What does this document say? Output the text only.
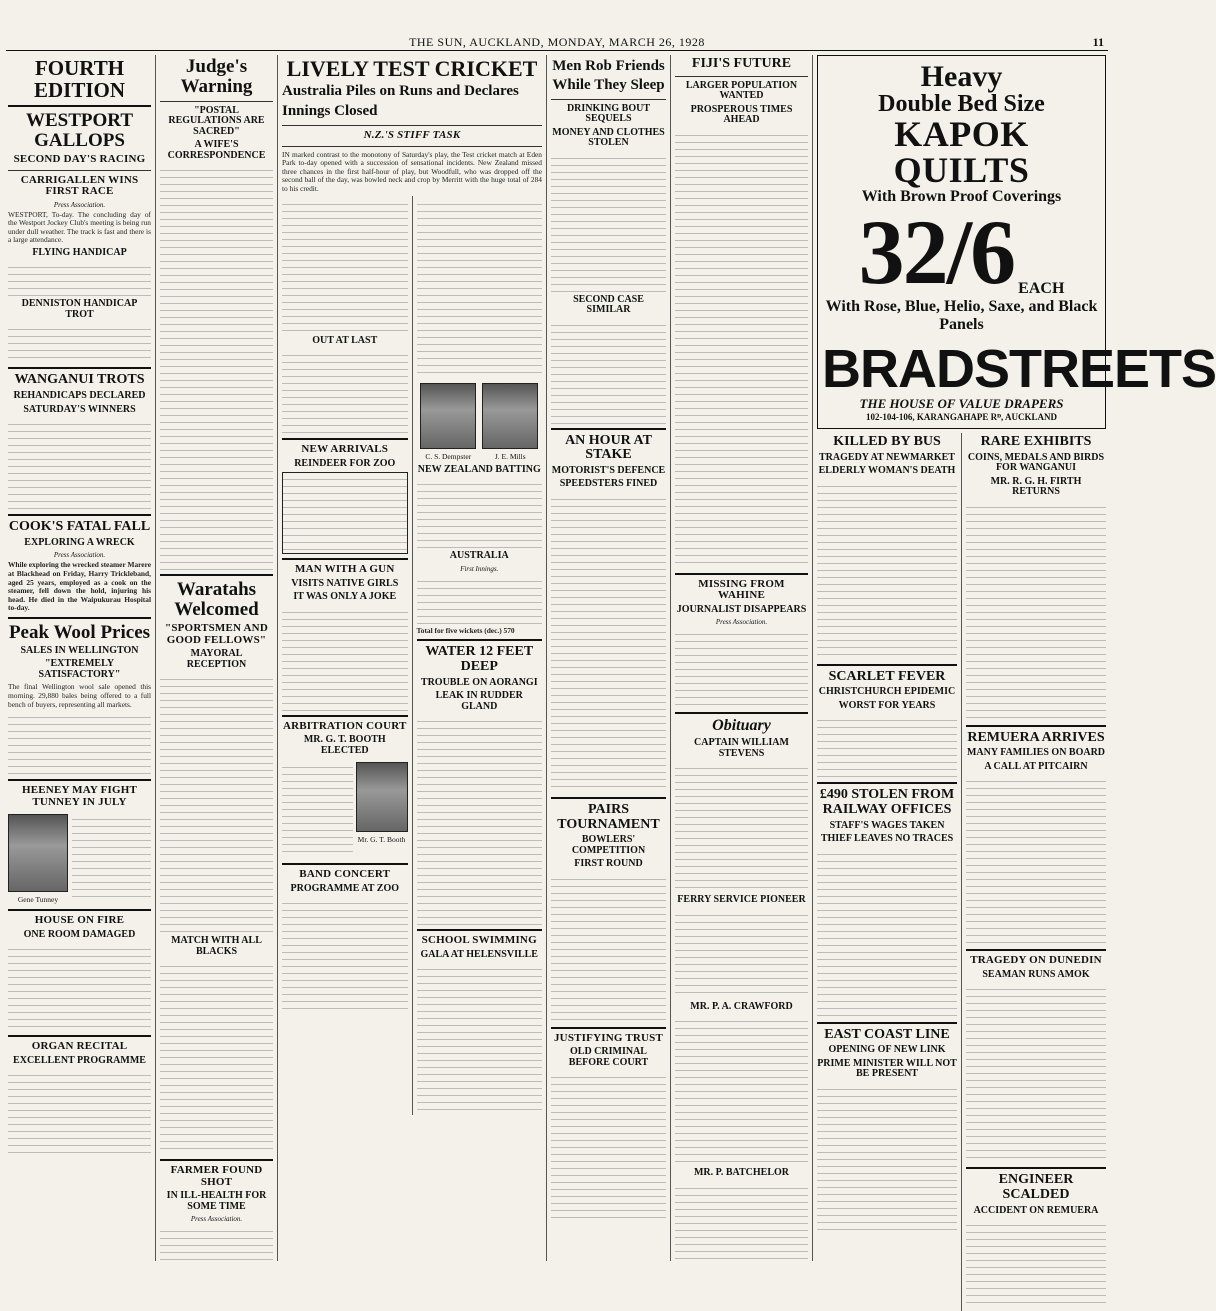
THE SUN, AUCKLAND, MONDAY, MARCH 26, 1928	11
FOURTH EDITION
WESTPORT GALLOPS
SECOND DAY'S RACING
CARRIGALLEN WINS FIRST RACE
Press Association.
WESTPORT, To-day. The concluding day of the Westport Jockey Club's meeting is being run under dull weather. The track is fast and there is a large attendance.
FLYING HANDICAP
DENNISTON HANDICAP TROT
WANGANUI TROTS
REHANDICAPS DECLARED
SATURDAY'S WINNERS
COOK'S FATAL FALL
EXPLORING A WRECK
Press Association.
While exploring the wrecked steamer Marere at Blackhead on Friday, Harry Trickleband, aged 25 years, employed as a cook on the steamer, fell down the hold, injuring his head. He died in the Waipukurau Hospital to-day.
Peak Wool Prices
SALES IN WELLINGTON
"EXTREMELY SATISFACTORY"
The final Wellington wool sale opened this morning. 29,880 bales being offered to a full bench of buyers, representing all markets.
HEENEY MAY FIGHT TUNNEY IN JULY
Gene Tunney
HOUSE ON FIRE
ONE ROOM DAMAGED
ORGAN RECITAL
EXCELLENT PROGRAMME
Judge's Warning
"POSTAL REGULATIONS ARE SACRED"
A WIFE'S CORRESPONDENCE
Waratahs Welcomed
"SPORTSMEN AND GOOD FELLOWS"
MAYORAL RECEPTION
MATCH WITH ALL BLACKS
FARMER FOUND SHOT
IN ILL-HEALTH FOR SOME TIME
Press Association.
LIVELY TEST CRICKET
Australia Piles on Runs and Declares Innings Closed
N.Z.'S STIFF TASK
IN marked contrast to the monotony of Saturday's play, the Test cricket match at Eden Park to-day opened with a succession of sensational incidents. New Zealand missed three chances in the first half-hour of play, but Woodfull, who was dropped off the second ball of the day, was bowled neck and crop by Merritt with the huge total of 284 to his credit.
OUT AT LAST
NEW ARRIVALS
REINDEER FOR ZOO
MAN WITH A GUN
VISITS NATIVE GIRLS
IT WAS ONLY A JOKE
ARBITRATION COURT
MR. G. T. BOOTH ELECTED
Mr. G. T. Booth
BAND CONCERT
PROGRAMME AT ZOO
C. S. Dempster	J. E. Mills
NEW ZEALAND BATTING
AUSTRALIA
First Innings.
Total for five wickets (dec.) 570
WATER 12 FEET DEEP
TROUBLE ON AORANGI
LEAK IN RUDDER GLAND
SCHOOL SWIMMING
GALA AT HELENSVILLE
Men Rob Friends While They Sleep
DRINKING BOUT SEQUELS
MONEY AND CLOTHES STOLEN
SECOND CASE SIMILAR
AN HOUR AT STAKE
MOTORIST'S DEFENCE
SPEEDSTERS FINED
PAIRS TOURNAMENT
BOWLERS' COMPETITION
FIRST ROUND
JUSTIFYING TRUST
OLD CRIMINAL BEFORE COURT
FIJI'S FUTURE
LARGER POPULATION WANTED
PROSPEROUS TIMES AHEAD
MISSING FROM WAHINE
JOURNALIST DISAPPEARS
Press Association.
Obituary
CAPTAIN WILLIAM STEVENS
FERRY SERVICE PIONEER
MR. P. A. CRAWFORD
MR. P. BATCHELOR
Heavy
Double Bed Size
KAPOK QUILTS
With Brown Proof Coverings
32/6 EACH
With Rose, Blue, Helio, Saxe, and Black Panels
BRADSTREETS
THE HOUSE OF VALUE DRAPERS
102-104-106, KARANGAHAPE Rᴰ, AUCKLAND
KILLED BY BUS
TRAGEDY AT NEWMARKET
ELDERLY WOMAN'S DEATH
SCARLET FEVER
CHRISTCHURCH EPIDEMIC
WORST FOR YEARS
£490 STOLEN FROM RAILWAY OFFICES
STAFF'S WAGES TAKEN
THIEF LEAVES NO TRACES
EAST COAST LINE
OPENING OF NEW LINK
PRIME MINISTER WILL NOT BE PRESENT
RARE EXHIBITS
COINS, MEDALS AND BIRDS FOR WANGANUI
MR. R. G. H. FIRTH RETURNS
REMUERA ARRIVES
MANY FAMILIES ON BOARD
A CALL AT PITCAIRN
TRAGEDY ON DUNEDIN
SEAMAN RUNS AMOK
ENGINEER SCALDED
ACCIDENT ON REMUERA
